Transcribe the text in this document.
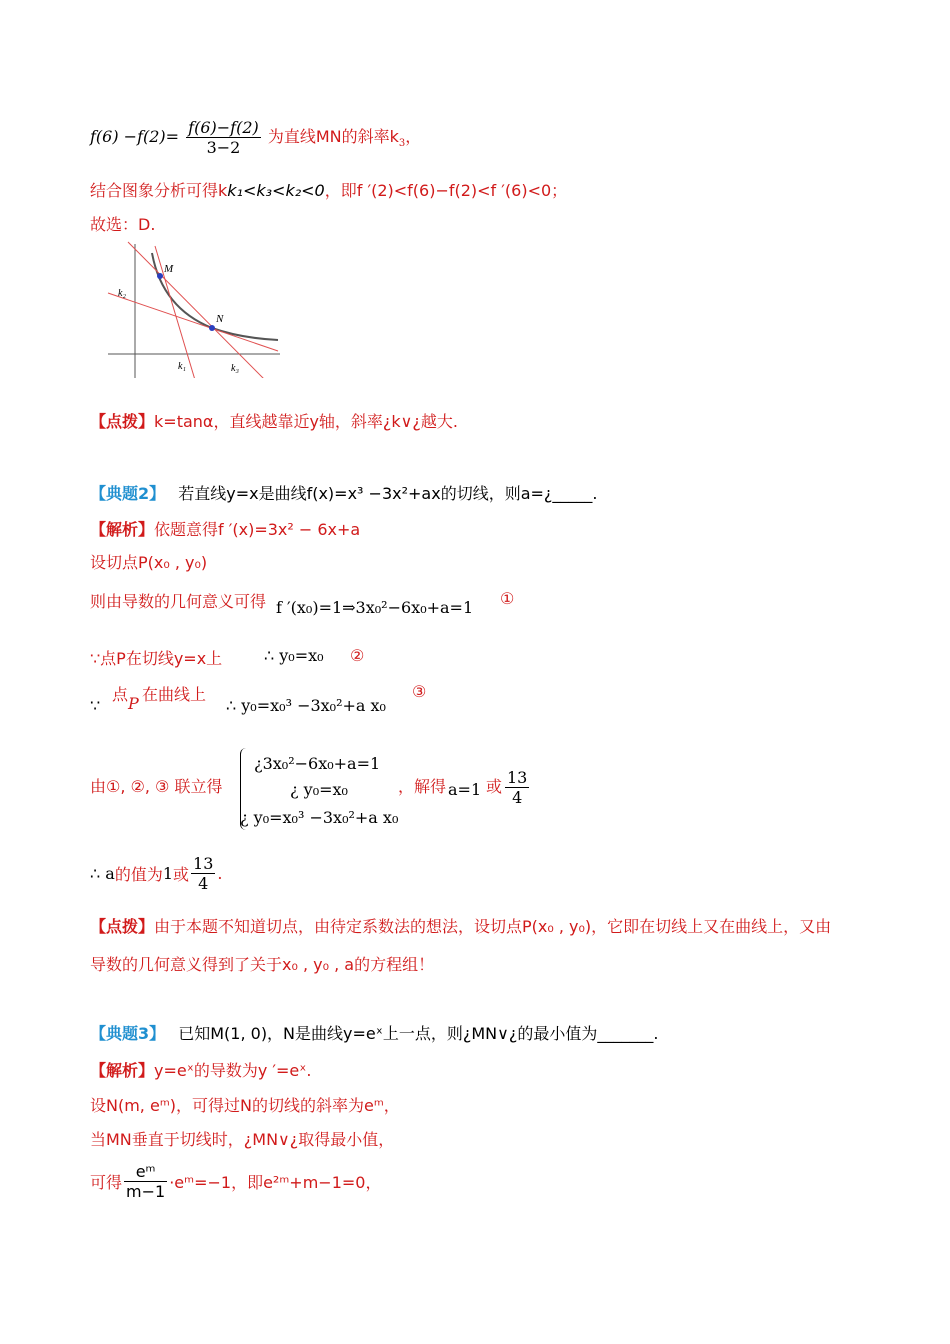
$f(6) -f(2)= \frac{f(6)-f(2)}{3-2}$ 为直线MN的斜率$k_3$，
结合图象分析可得kk₁<k₃<k₂<0，即f ′(2)<f(6)−f(2)<f ′(6)<0；
故选：D.
M
N
k₁
k₂
k₃
【点拨】k=tanα，直线越靠近y轴，斜率¿k∨¿越大.
【典题2】 若直线y=x是曲线f(x)=x³ −3x²+ax的切线，则a=¿_____.
【解析】依题意得f ′(x)=3x² − 6x+a
设切点P(x₀ , y₀)
则由导数的几何意义可得 f ′(x₀)=1⇒3x₀²−6x₀+a=1 ①
∵点P在切线y=x上	∴ y₀=x₀ ②
∵
点 P 在曲线上
∴ y₀=x₀³ −3x₀²+a x₀
③
由①, ②, ③ 联立得
¿3x₀²−6x₀+a=1
¿ y₀=x₀
¿ y₀=x₀³ −3x₀²+a x₀
，解得 a=1 或 $\frac{13}{4}$
∴ a的值为1或 $\frac{13}{4}$ .
【点拨】由于本题不知道切点，由待定系数法的想法，设切点P(x₀ , y₀)，它即在切线上又在曲线上，又由
导数的几何意义得到了关于x₀ , y₀ , a的方程组！
【典题3】 已知M(1, 0)，N是曲线y=eˣ上一点，则¿MN∨¿的最小值为_______.
【解析】y=eˣ的导数为y ′=eˣ.
设N(m, eᵐ)，可得过N的切线的斜率为eᵐ，
当MN垂直于切线时，¿MN∨¿取得最小值，
可得 $\frac{\text{eᵐ}}{m-1}$ ·eᵐ=−1，即e²ᵐ+m−1=0，
